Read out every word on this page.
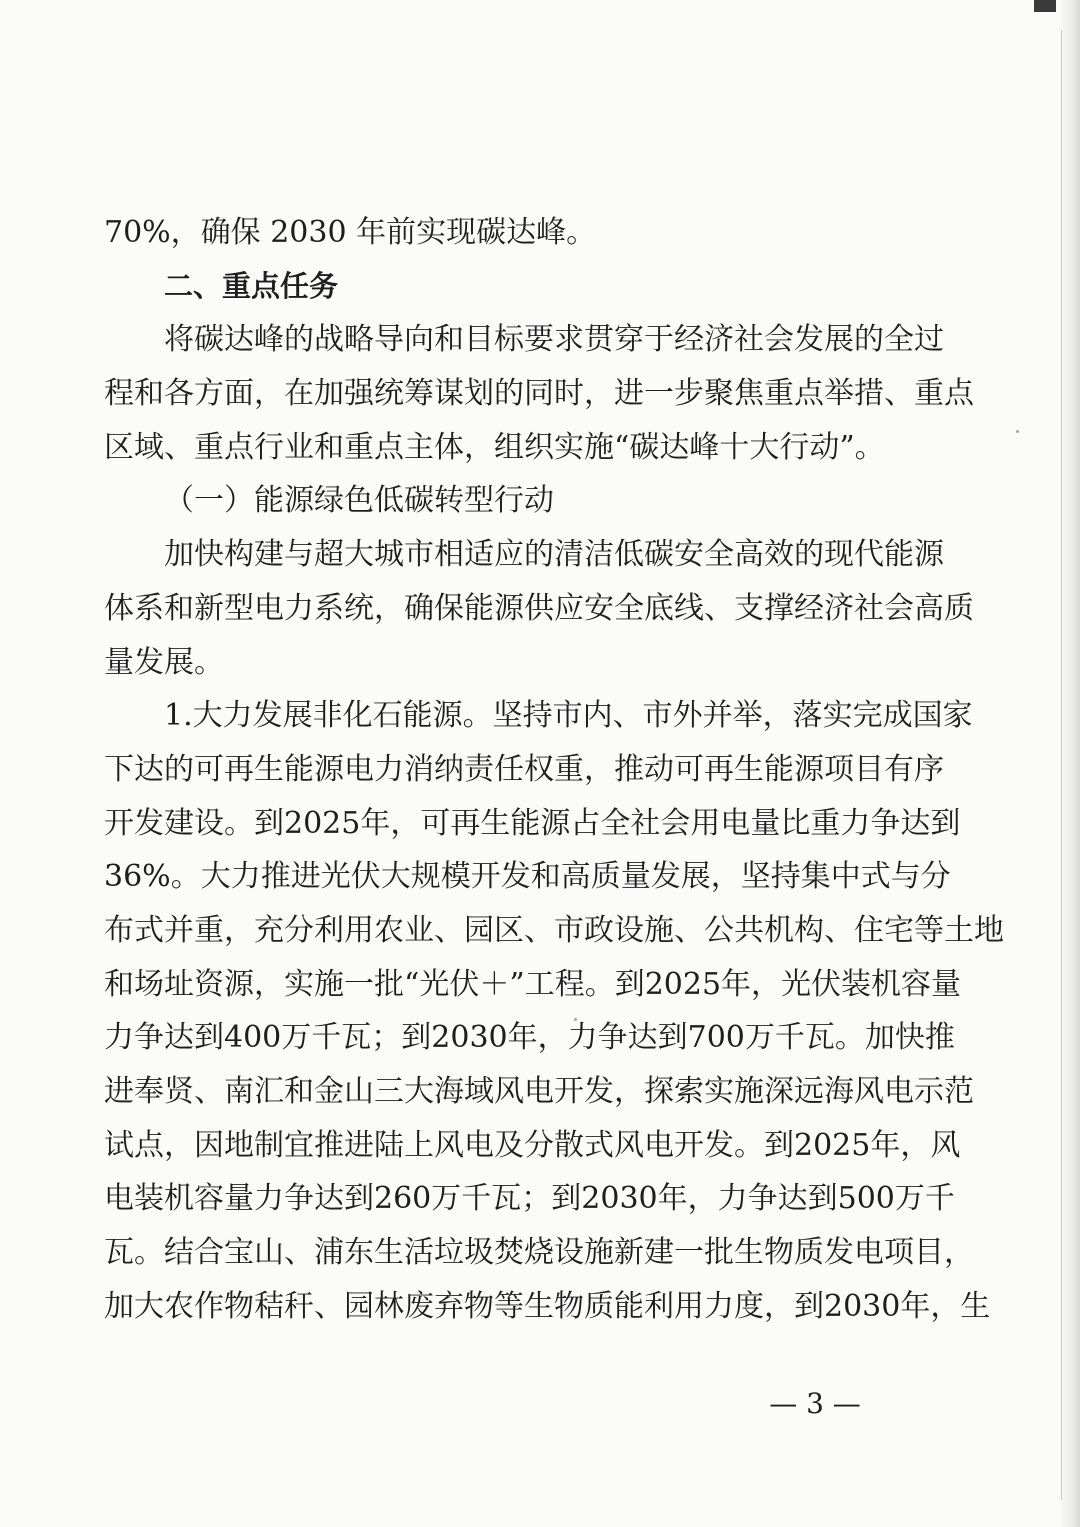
70%，确保 2030 年前实现碳达峰。
二、重点任务
将 碳 达 峰 的 战 略 导 向 和 目 标 要 求 贯 穿 于 经 济 社 会 发 展 的 全 过
程 和 各 方 面 ， 在 加 强 统 筹 谋 划 的 同 时 ， 进 一 步 聚 焦 重 点 举 措 、 重 点
区域、重点行业和重点主体，组织实施“碳达峰十大行动”。
（一）能源绿色低碳转型行动
加 快 构 建 与 超 大 城 市 相 适 应 的 清 洁 低 碳 安 全 高 效 的 现 代 能 源
体 系 和 新 型 电 力 系 统 ， 确 保 能 源 供 应 安 全 底 线 、 支 撑 经 济 社 会 高 质
量发展。
1. 大 力 发 展 非 化 石 能 源 。 坚 持 市 内 、 市 外 并 举 ， 落 实 完 成 国 家
下 达 的 可 再 生 能 源 电 力 消 纳 责 任 权 重 ， 推 动 可 再 生 能 源 项 目 有 序
开 发 建 设 。 到 2025 年 ， 可 再 生 能 源 占 全 社 会 用 电 量 比 重 力 争 达 到
36% 。 大 力 推 进 光 伏 大 规 模 开 发 和 高 质 量 发 展 ， 坚 持 集 中 式 与 分
布 式 并 重 ， 充 分 利 用 农 业 、 园 区 、 市 政 设 施 、 公 共 机 构 、 住 宅 等 土 地
和 场 址 资 源 ， 实 施 一 批 “ 光 伏 ＋ ” 工 程 。 到 2025 年 ， 光 伏 装 机 容 量
力 争 达 到 400 万 千 瓦 ； 到 2030 年 ， 力 争 达 到 700 万 千 瓦 。 加 快 推
进 奉 贤 、 南 汇 和 金 山 三 大 海 域 风 电 开 发 ， 探 索 实 施 深 远 海 风 电 示 范
试 点 ， 因 地 制 宜 推 进 陆 上 风 电 及 分 散 式 风 电 开 发 。 到 2025 年 ， 风
电 装 机 容 量 力 争 达 到 260 万 千 瓦 ； 到 2030 年 ， 力 争 达 到 500 万 千
瓦 。 结 合 宝 山 、 浦 东 生 活 垃 圾 焚 烧 设 施 新 建 一 批 生 物 质 发 电 项 目 ，
加 大 农 作 物 秸 秆 、 园 林 废 弃 物 等 生 物 质 能 利 用 力 度 ， 到 2030 年 ， 生
— 3 —
